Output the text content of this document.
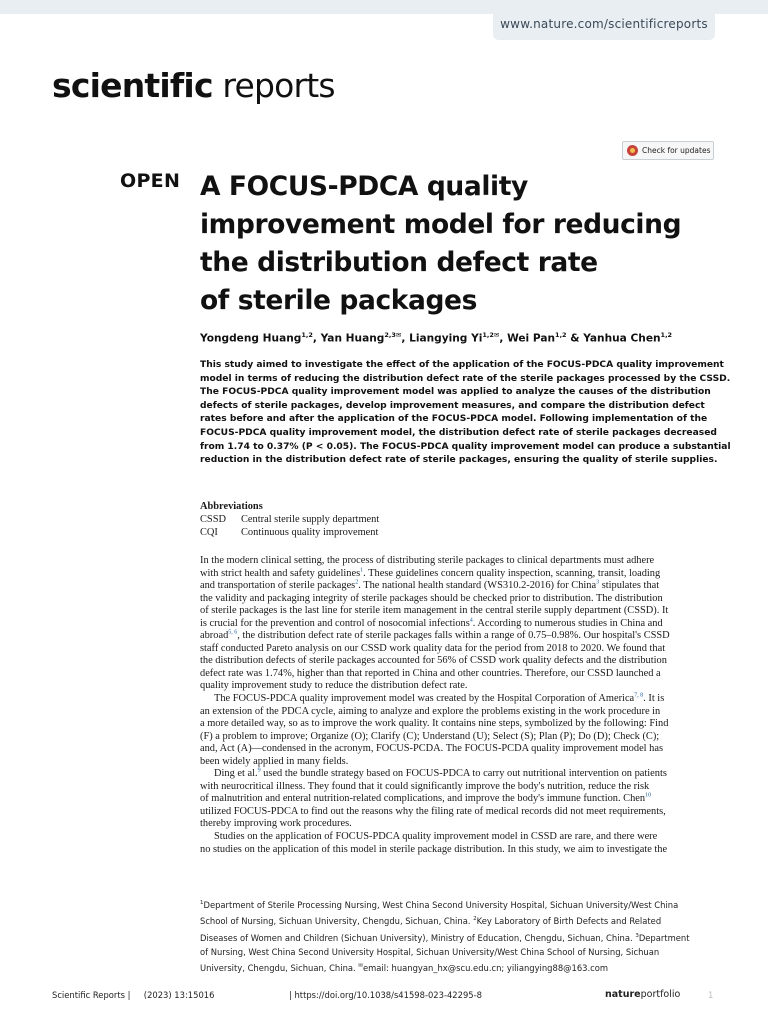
www.nature.com/scientificreports
scientific reports
Check for updates
OPEN A FOCUS-PDCA quality
improvement model for reducing
the distribution defect rate
of sterile packages
Yongdeng Huang$^{1,2}$, Yan Huang$^{2,3✉}$, Liangying $Yi^{1,2✉}$, Wei Pan$^{1,2}$ & Yanhua Chen$^{1,2}$
This study aimed to investigate the effect of the application of the FOCUS-PDCA quality improvement
model in terms of reducing the distribution defect rate of the sterile packages processed by the CSSD.
The FOCUS-PDCA quality improvement model was applied to analyze the causes of the distribution
defects of sterile packages, develop improvement measures, and compare the distribution defect
rates before and after the application of the FOCUS-PDCA model. Following implementation of the
FOCUS-PDCA quality improvement model, the distribution defect rate of sterile packages decreased
from 1.74 to 0.37% (P < 0.05). The FOCUS-PDCA quality improvement model can produce a substantial
reduction in the distribution defect rate of sterile packages, ensuring the quality of sterile supplies.
Abbreviations
CSSD	Central sterile supply department
CQI	Continuous quality improvement
In the modern clinical setting, the process of distributing sterile packages to clinical departments must adhere
with strict health and safety guidelines$^1$. These guidelines concern quality inspection, scanning, transit, loading
and transportation of sterile packages$^2$. The national health standard (WS310.2-2016) for China$^3$ stipulates that
the validity and packaging integrity of sterile packages should be checked prior to distribution. The distribution
of sterile packages is the last line for sterile item management in the central sterile supply department (CSSD). It
is crucial for the prevention and control of nosocomial infections$^4$. According to numerous studies in China and
abroad$^{5, 6}$, the distribution defect rate of sterile packages falls within a range of 0.75–0.98%. Our hospital's CSSD
staff conducted Pareto analysis on our CSSD work quality data for the period from 2018 to 2020. We found that
the distribution defects of sterile packages accounted for 56% of CSSD work quality defects and the distribution
defect rate was 1.74%, higher than that reported in China and other countries. Therefore, our CSSD launched a
quality improvement study to reduce the distribution defect rate.
The FOCUS-PDCA quality improvement model was created by the Hospital Corporation of America$^{7, 8}$. It is
an extension of the PDCA cycle, aiming to analyze and explore the problems existing in the work procedure in
a more detailed way, so as to improve the work quality. It contains nine steps, symbolized by the following: Find
(F) a problem to improve; Organize (O); Clarify (C); Understand (U); Select (S); Plan (P); Do (D); Check (C);
and, Act (A)—condensed in the acronym, FOCUS-PCDA. The FOCUS-PCDA quality improvement model has
been widely applied in many fields.
Ding et al.$^9$ used the bundle strategy based on FOCUS-PDCA to carry out nutritional intervention on patients
with neurocritical illness. They found that it could significantly improve the body's nutrition, reduce the risk
of malnutrition and enteral nutrition-related complications, and improve the body's immune function. Chen$^{10}$
utilized FOCUS-PDCA to find out the reasons why the filing rate of medical records did not meet requirements,
thereby improving work procedures.
Studies on the application of FOCUS-PDCA quality improvement model in CSSD are rare, and there were
no studies on the application of this model in sterile package distribution. In this study, we aim to investigate the
$^1$Department of Sterile Processing Nursing, West China Second University Hospital, Sichuan University/West China
School of Nursing, Sichuan University, Chengdu, Sichuan, China. $^2$Key Laboratory of Birth Defects and Related
Diseases of Women and Children (Sichuan University), Ministry of Education, Chengdu, Sichuan, China. $^3$Department
of Nursing, West China Second University Hospital, Sichuan University/West China School of Nursing, Sichuan
University, Chengdu, Sichuan, China. ✉email: huangyan_hx@scu.edu.cn; yiliangying88@163.com
Scientific Reports | (2023) 13:15016	| https://doi.org/10.1038/s41598-023-42295-8	natureportfolio	1
